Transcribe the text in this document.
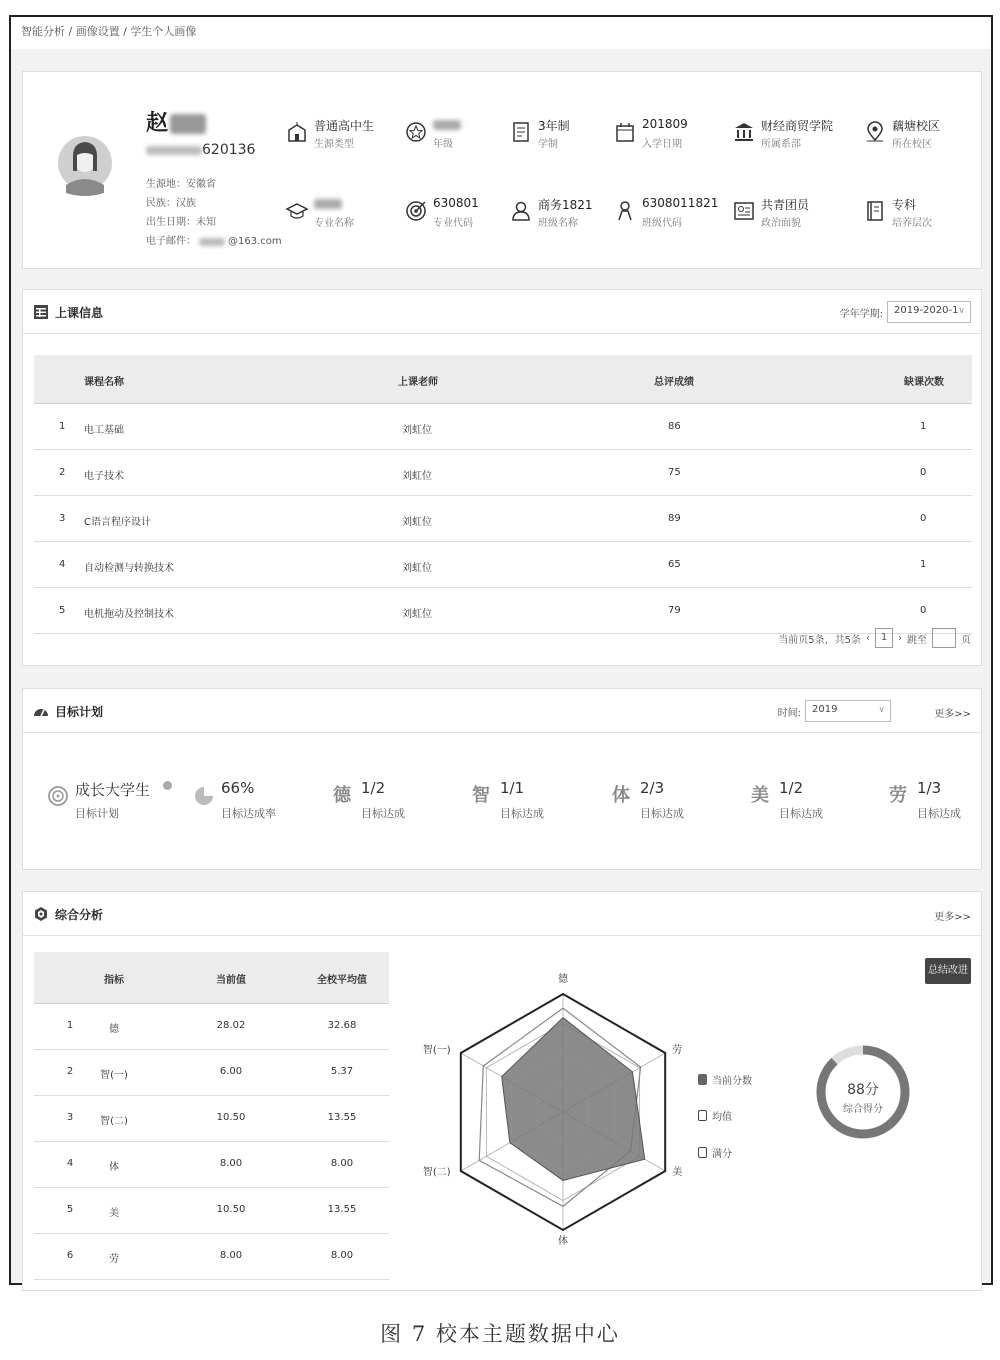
智能分析 / 画像设置 / 学生个人画像
赵
620136
生源地：安徽省
民族：汉族
出生日期：未知
电子邮件：	@163.com
普通高中生
生源类型	年级
3年制
学制
201809
入学日期
财经商贸学院
所属系部
藕塘校区
所在校区
专业名称
630801
专业代码
商务1821
班级名称
6308011821
班级代码
共青团员
政治面貌
专科
培养层次
上课信息	学年学期:	2019-2020-1 ∨
课程名称	上课老师	总评成绩	缺课次数
1 电工基础	刘虹位	86	1
2 电子技术	刘虹位	75	0
3 C语言程序设计	刘虹位	89	0
4 自动检测与转换技术	刘虹位	65	1
5 电机拖动及控制技术	刘虹位	79	0
当前页5条，共5条 ‹	1	› 跳至	页
目标计划	时间:	2019	∨	更多>>
成长大学生
目标计划
66%
目标达成率
德 1/2
目标达成
智 1/1
目标达成
体 2/3
目标达成
美 1/2
目标达成
劳 1/3
目标达成
综合分析	更多>>
指标	当前值	全校平均值
1	德	28.02	32.68
2	智(一)	6.00	5.37
3	智(二)	10.50	13.55
4	体	8.00	8.00
5	美	10.50	13.55
6	劳	8.00	8.00
德
劳
美
体
智(二)
智(一)
当前分数
均值
满分
总结改进
88分
综合得分
图 7 校本主题数据中心
